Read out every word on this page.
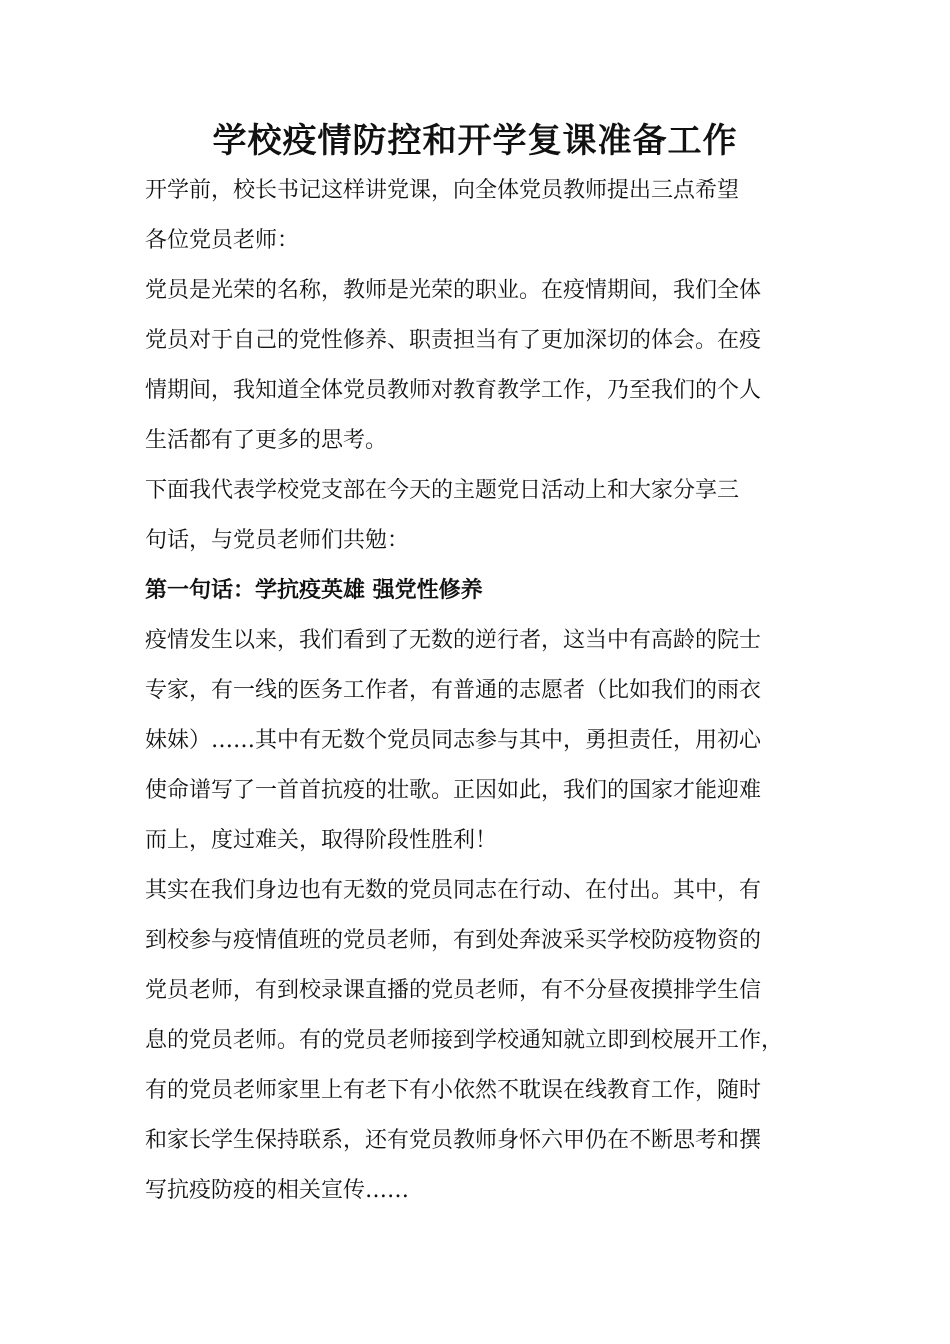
学校疫情防控和开学复课准备工作
开学前，校长书记这样讲党课，向全体党员教师提出三点希望
各位党员老师：
党员是光荣的名称，教师是光荣的职业。在疫情期间，我们全体
党员对于自己的党性修养、职责担当有了更加深切的体会。在疫
情期间，我知道全体党员教师对教育教学工作，乃至我们的个人
生活都有了更多的思考。
下面我代表学校党支部在今天的主题党日活动上和大家分享三
句话，与党员老师们共勉：
第一句话：学抗疫英雄 强党性修养
疫情发生以来，我们看到了无数的逆行者，这当中有高龄的院士
专家，有一线的医务工作者，有普通的志愿者（比如我们的雨衣
妹妹）……其中有无数个党员同志参与其中，勇担责任，用初心
使命谱写了一首首抗疫的壮歌。正因如此，我们的国家才能迎难
而上，度过难关，取得阶段性胜利！
其实在我们身边也有无数的党员同志在行动、在付出。其中，有
到校参与疫情值班的党员老师，有到处奔波采买学校防疫物资的
党员老师，有到校录课直播的党员老师，有不分昼夜摸排学生信
息的党员老师。有的党员老师接到学校通知就立即到校展开工作，
有的党员老师家里上有老下有小依然不耽误在线教育工作，随时
和家长学生保持联系，还有党员教师身怀六甲仍在不断思考和撰
写抗疫防疫的相关宣传……
